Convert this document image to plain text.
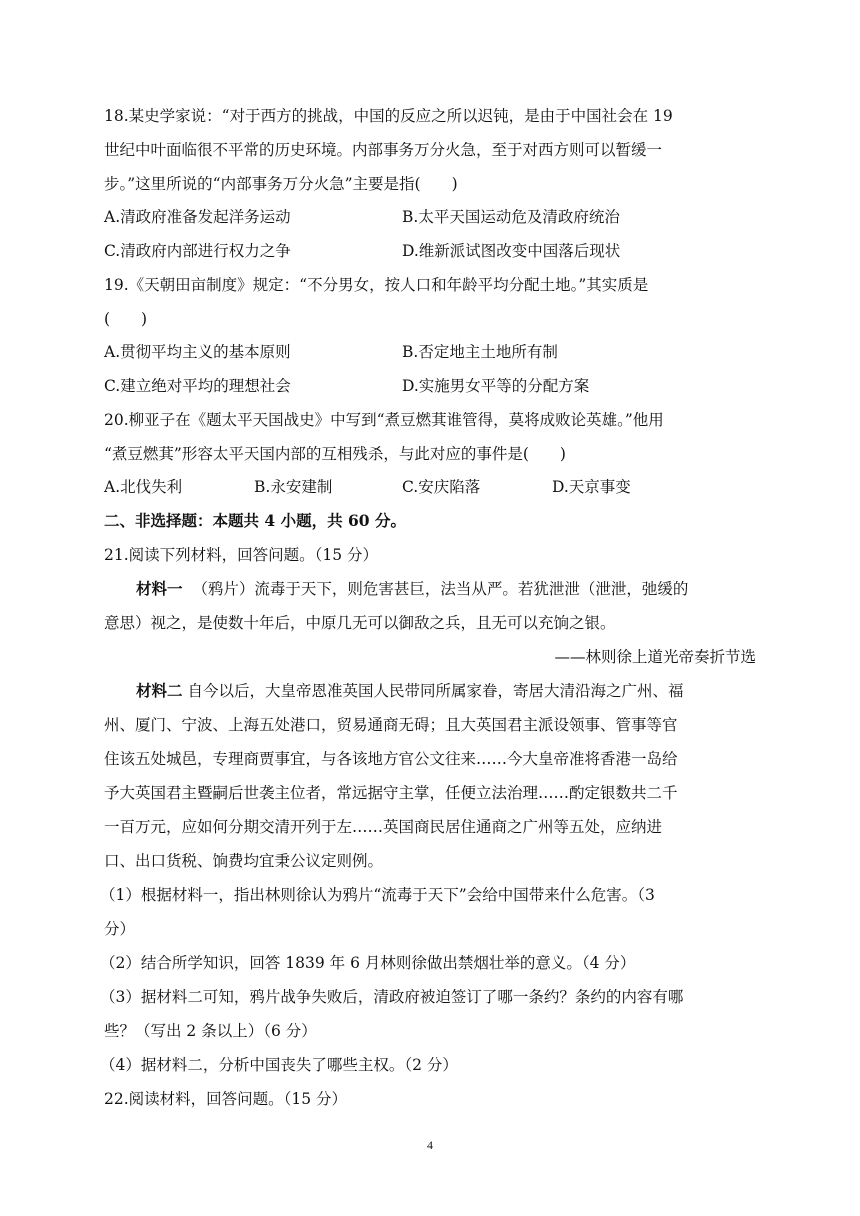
18.某史学家说：“对于西方的挑战，中国的反应之所以迟钝，是由于中国社会在 19
世纪中叶面临很不平常的历史环境。内部事务万分火急，至于对西方则可以暂缓一
步。”这里所说的“内部事务万分火急”主要是指(　　)
A.清政府准备发起洋务运动	B.太平天国运动危及清政府统治
C.清政府内部进行权力之争	D.维新派试图改变中国落后现状
19.《天朝田亩制度》规定：“不分男女，按人口和年龄平均分配土地。”其实质是
(　　)
A.贯彻平均主义的基本原则	B.否定地主土地所有制
C.建立绝对平均的理想社会	D.实施男女平等的分配方案
20.柳亚子在《题太平天国战史》中写到“煮豆燃萁谁管得，莫将成败论英雄。”他用
“煮豆燃萁”形容太平天国内部的互相残杀，与此对应的事件是(　　)
A.北伐失利	B.永安建制	C.安庆陷落	D.天京事变
二、非选择题：本题共 4 小题，共 60 分。
21.阅读下列材料，回答问题。（15 分）
材料一 （鸦片）流毒于天下，则危害甚巨，法当从严。若犹泄泄（泄泄，弛缓的
意思）视之，是使数十年后，中原几无可以御敌之兵，且无可以充饷之银。
——林则徐上道光帝奏折节选
材料二 自今以后，大皇帝恩准英国人民带同所属家眷，寄居大清沿海之广州、福
州、厦门、宁波、上海五处港口，贸易通商无碍；且大英国君主派设领事、管事等官
住该五处城邑，专理商贾事宜，与各该地方官公文往来……今大皇帝准将香港一岛给
予大英国君主暨嗣后世袭主位者，常远据守主掌，任便立法治理……酌定银数共二千
一百万元，应如何分期交清开列于左……英国商民居住通商之广州等五处，应纳进
口、出口货税、饷费均宜秉公议定则例。
（1）根据材料一，指出林则徐认为鸦片“流毒于天下”会给中国带来什么危害。（3
分）
（2）结合所学知识，回答 1839 年 6 月林则徐做出禁烟壮举的意义。（4 分）
（3）据材料二可知，鸦片战争失败后，清政府被迫签订了哪一条约？条约的内容有哪
些？（写出 2 条以上）（6 分）
（4）据材料二，分析中国丧失了哪些主权。（2 分）
22.阅读材料，回答问题。（15 分）
4
